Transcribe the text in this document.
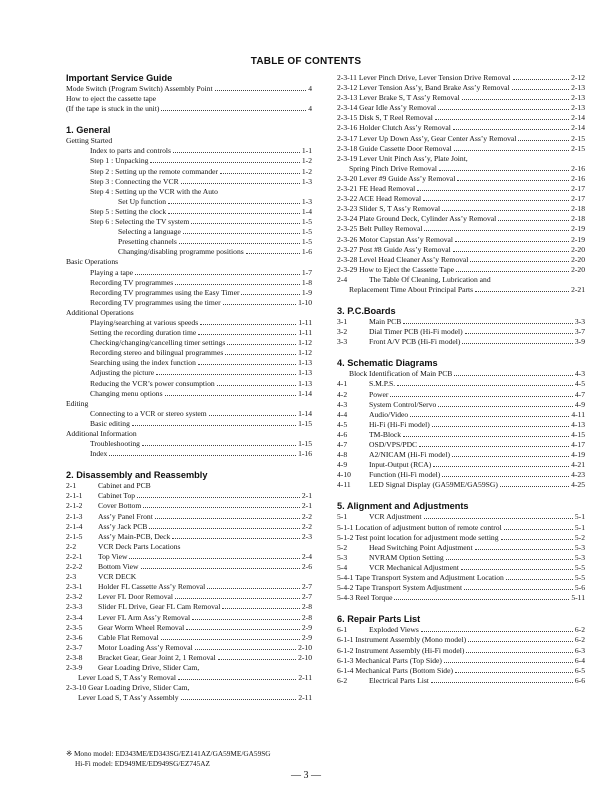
TABLE OF CONTENTS
Important Service Guide
Mode Switch (Program Switch) Assembly Point	4
How to eject the cassette tape
(If the tape is stuck in the unit)	4
1. General
Getting Started
Index to parts and controls	1-1
Step 1 : Unpacking	1-2
Step 2 : Setting up the remote commander	1-2
Step 3 : Connecting the VCR	1-3
Step 4 : Setting up the VCR with the Auto
Set Up function	1-3
Step 5 : Setting the clock	1-4
Step 6 : Selecting the TV system	1-5
Selecting a language	1-5
Presetting channels	1-5
Changing/disabling programme positions	1-6
Basic Operations
Playing a tape	1-7
Recording TV programmes	1-8
Recording TV programmes using the Easy Timer	1-9
Recording TV programmes using the timer	1-10
Additional Operations
Playing/searching at various speeds	1-11
Setting the recording duration time	1-11
Checking/changing/cancelling timer settings	1-12
Recording stereo and bilingual programmes	1-12
Searching using the index function	1-13
Adjusting the picture	1-13
Reducing the VCR’s power consumption	1-13
Changing menu options	1-14
Editing
Connecting to a VCR or stereo system	1-14
Basic editing	1-15
Additional Information
Troubleshooting	1-15
Index	1-16
2. Disassembly and Reassembly
2-1	Cabinet and PCB
2-1-1 Cabinet Top	2-1
2-1-2 Cover Bottom	2-1
2-1-3 Ass’y Panel Front	2-2
2-1-4 Ass’y Jack PCB	2-2
2-1-5 Ass’y Main-PCB, Deck	2-3
2-2	VCR Deck Parts Locations
2-2-1 Top View	2-4
2-2-2 Bottom View	2-6
2-3	VCR DECK
2-3-1 Holder FL Cassette Ass’y Removal	2-7
2-3-2 Lever FL Door Removal	2-7
2-3-3 Slider FL Drive, Gear FL Cam Removal	2-8
2-3-4 Lever FL Arm Ass’y Removal	2-8
2-3-5 Gear Worm Wheel Removal	2-9
2-3-6 Cable Flat Removal	2-9
2-3-7 Motor Loading Ass’y Removal	2-10
2-3-8 Bracket Gear, Gear Joint 2, 1 Removal	2-10
2-3-9 Gear Loading Drive, Slider Cam,
Lever Load S, T Ass’y Removal	2-11
2-3-10 Gear Loading Drive, Slider Cam,
Lever Load S, T Ass’y Assembly	2-11
2-3-11 Lever Pinch Drive, Lever Tension Drive Removal	2-12
2-3-12 Lever Tension Ass’y, Band Brake Ass’y Removal	2-13
2-3-13 Lever Brake S, T Ass’y Removal	2-13
2-3-14 Gear Idle Ass’y Removal	2-13
2-3-15 Disk S, T Reel Removal	2-14
2-3-16 Holder Clutch Ass’y Removal	2-14
2-3-17 Lever Up Down Ass’y, Gear Center Ass’y Removal	2-15
2-3-18 Guide Cassette Door Removal	2-15
2-3-19 Lever Unit Pinch Ass’y, Plate Joint,
Spring Pinch Drive Removal	2-16
2-3-20 Lever #9 Guide Ass’y Removal	2-16
2-3-21 FE Head Removal	2-17
2-3-22 ACE Head Removal	2-17
2-3-23 Slider S, T Ass’y Removal	2-18
2-3-24 Plate Ground Deck, Cylinder Ass’y Removal	2-18
2-3-25 Belt Pulley Removal	2-19
2-3-26 Motor Capstan Ass’y Removal	2-19
2-3-27 Post #8 Guide Ass’y Removal	2-20
2-3-28 Level Head Cleaner Ass’y Removal	2-20
2-3-29 How to Eject the Cassette Tape	2-20
2-4	The Table Of Cleaning, Lubrication and
Replacement Time About Principal Parts	2-21
3. P.C.Boards
3-1	Main PCB	3-3
3-2	Dial Timer PCB (Hi-Fi model)	3-7
3-3	Front A/V PCB (Hi-Fi model)	3-9
4. Schematic Diagrams
Block Identification of Main PCB	4-3
4-1	S.M.P.S.	4-5
4-2	Power	4-7
4-3	System Control/Servo	4-9
4-4	Audio/Video	4-11
4-5	Hi-Fi (Hi-Fi model)	4-13
4-6	TM-Block	4-15
4-7	OSD/VPS/PDC	4-17
4-8	A2/NICAM (Hi-Fi model)	4-19
4-9	Input-Output (RCA)	4-21
4-10 Function (Hi-Fi model)	4-23
4-11 LED Signal Display (GA59ME/GA59SG)	4-25
5. Alignment and Adjustments
5-1	VCR Adjustment	5-1
5-1-1 Location of adjustment button of remote control	5-1
5-1-2 Test point location for adjustment mode setting	5-2
5-2	Head Switching Point Adjustment	5-3
5-3	NVRAM Option Setting	5-3
5-4	VCR Mechanical Adjustment	5-5
5-4-1 Tape Transport System and Adjustment Location	5-5
5-4-2 Tape Transport System Adjustment	5-6
5-4-3 Reel Torque	5-11
6. Repair Parts List
6-1	Exploded Views	6-2
6-1-1 Instrument Assembly (Mono model)	6-2
6-1-2 Instrument Assembly (Hi-Fi model)	6-3
6-1-3 Mechanical Parts (Top Side)	6-4
6-1-4 Mechanical Parts (Bottom Side)	6-5
6-2	Electrical Parts List	6-6
※ Mono model: ED343ME/ED343SG/EZ141AZ/GA59ME/GA59SG
Hi-Fi model: ED949ME/ED949SG/EZ745AZ
— 3 —
